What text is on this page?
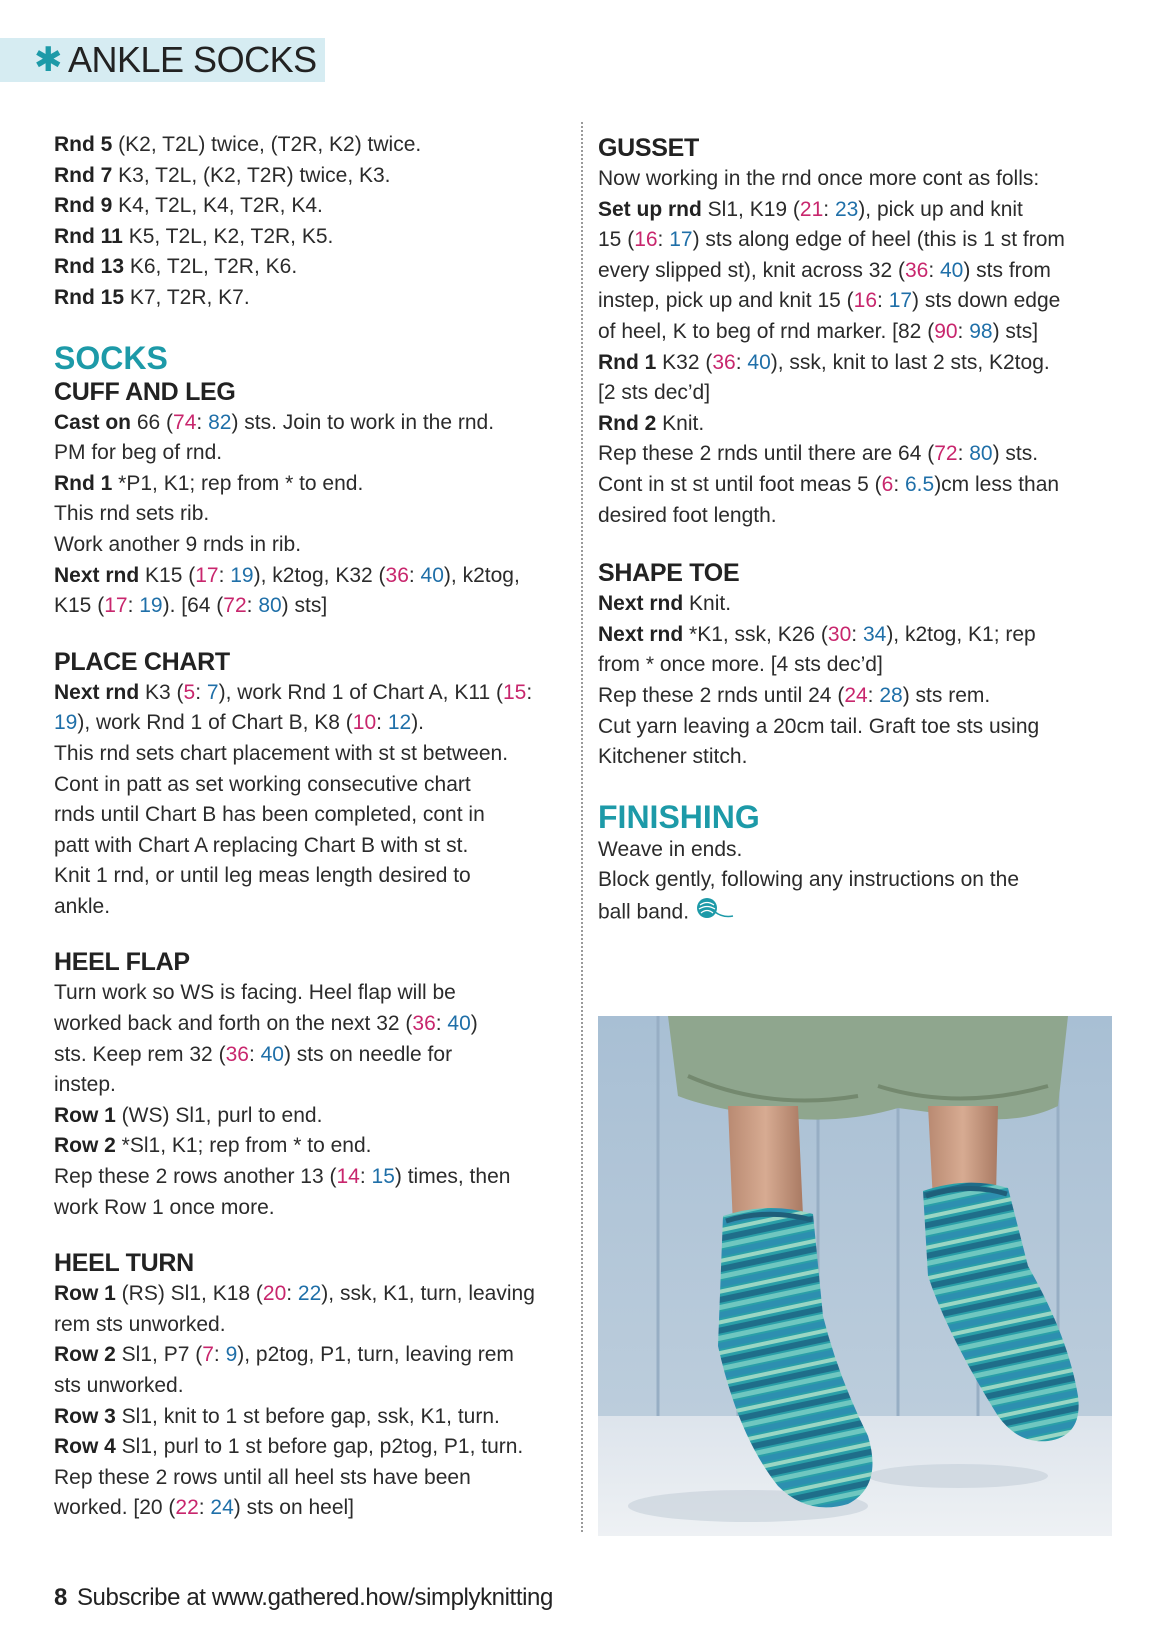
✱ ANKLE SOCKS
Rnd 5 (K2, T2L) twice, (T2R, K2) twice.
Rnd 7 K3, T2L, (K2, T2R) twice, K3.
Rnd 9 K4, T2L, K4, T2R, K4.
Rnd 11 K5, T2L, K2, T2R, K5.
Rnd 13 K6, T2L, T2R, K6.
Rnd 15 K7, T2R, K7.
SOCKS
CUFF AND LEG
Cast on 66 (74: 82) sts. Join to work in the rnd.
PM for beg of rnd.
Rnd 1 *P1, K1; rep from * to end.
This rnd sets rib.
Work another 9 rnds in rib.
Next rnd K15 (17: 19), k2tog, K32 (36: 40), k2tog,
K15 (17: 19). [64 (72: 80) sts]
PLACE CHART
Next rnd K3 (5: 7), work Rnd 1 of Chart A, K11 (15:
19), work Rnd 1 of Chart B, K8 (10: 12).
This rnd sets chart placement with st st between.
Cont in patt as set working consecutive chart
rnds until Chart B has been completed, cont in
patt with Chart A replacing Chart B with st st.
Knit 1 rnd, or until leg meas length desired to
ankle.
HEEL FLAP
Turn work so WS is facing. Heel flap will be
worked back and forth on the next 32 (36: 40)
sts. Keep rem 32 (36: 40) sts on needle for
instep.
Row 1 (WS) Sl1, purl to end.
Row 2 *Sl1, K1; rep from * to end.
Rep these 2 rows another 13 (14: 15) times, then
work Row 1 once more.
HEEL TURN
Row 1 (RS) Sl1, K18 (20: 22), ssk, K1, turn, leaving
rem sts unworked.
Row 2 Sl1, P7 (7: 9), p2tog, P1, turn, leaving rem
sts unworked.
Row 3 Sl1, knit to 1 st before gap, ssk, K1, turn.
Row 4 Sl1, purl to 1 st before gap, p2tog, P1, turn.
Rep these 2 rows until all heel sts have been
worked. [20 (22: 24) sts on heel]
GUSSET
Now working in the rnd once more cont as folls:
Set up rnd Sl1, K19 (21: 23), pick up and knit
15 (16: 17) sts along edge of heel (this is 1 st from
every slipped st), knit across 32 (36: 40) sts from
instep, pick up and knit 15 (16: 17) sts down edge
of heel, K to beg of rnd marker. [82 (90: 98) sts]
Rnd 1 K32 (36: 40), ssk, knit to last 2 sts, K2tog.
[2 sts dec’d]
Rnd 2 Knit.
Rep these 2 rnds until there are 64 (72: 80) sts.
Cont in st st until foot meas 5 (6: 6.5)cm less than
desired foot length.
SHAPE TOE
Next rnd Knit.
Next rnd *K1, ssk, K26 (30: 34), k2tog, K1; rep
from * once more. [4 sts dec’d]
Rep these 2 rnds until 24 (24: 28) sts rem.
Cut yarn leaving a 20cm tail. Graft toe sts using
Kitchener stitch.
FINISHING
Weave in ends.
Block gently, following any instructions on the
ball band.
8 Subscribe at www.gathered.how/simplyknitting
